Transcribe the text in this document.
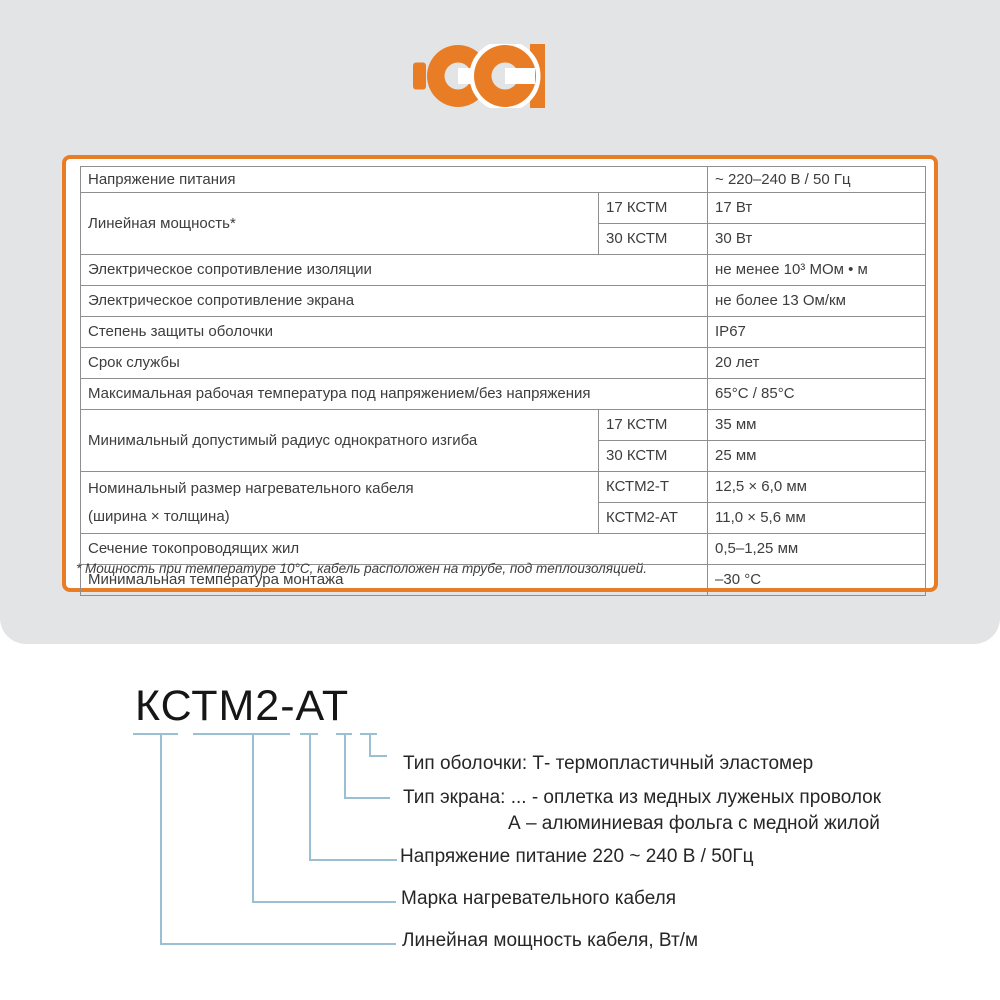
Напряжение питания		~ 220–240 В / 50 Гц
Линейная мощность*	17 КСТМ	17 Вт
	30 КСТМ	30 Вт
Электрическое сопротивление изоляции		не менее 10³ МОм • м
Электрическое сопротивление экрана		не более 13 Ом/км
Степень защиты оболочки		IP67
Срок службы		20 лет
Максимальная рабочая температура под напряжением/без напряжения		65°С / 85°С
Минимальный допустимый радиус однократного изгиба	17 КСТМ	35 мм
	30 КСТМ	25 мм

Номинальный размер нагревательного кабеля
(ширина × толщина)	КСТМ2-Т	12,5 × 6,0 мм
	КСТМ2-АТ	11,0 × 5,6 мм
Сечение токопроводящих жил		0,5–1,25 мм
Минимальная температура монтажа		–30 °С
* Мощность при температуре 10°С, кабель расположен на трубе, под теплоизоляцией.
КСТМ2-АТ
Тип оболочки: Т- термопластичный эластомер
Тип экрана: ... - оплетка из медных луженых проволок
А – алюминиевая фольга с медной жилой
Напряжение питание 220 ~ 240 В / 50Гц
Марка нагревательного кабеля
Линейная мощность кабеля, Вт/м
